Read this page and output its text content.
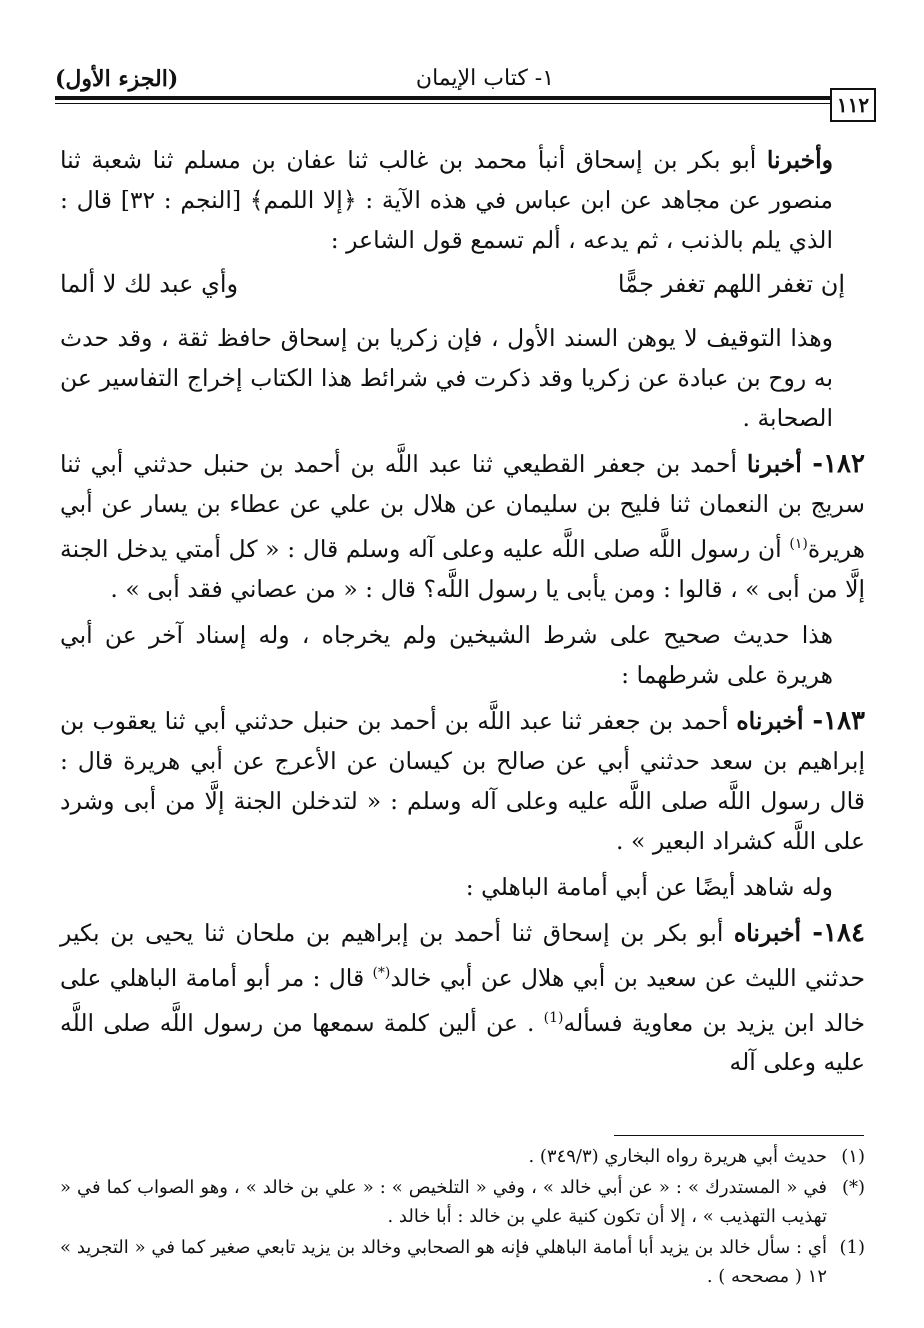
١- كتاب الإيمان
(الجزء الأول)
١١٢

وأخبرنا أبو بكر بن إسحاق أنبأ محمد بن غالب ثنا عفان بن مسلم ثنا شعبة ثنا منصور عن مجاهد عن ابن عباس في هذه الآية : ﴿إلا اللمم﴾ [النجم : ٣٢] قال : الذي يلم بالذنب ، ثم يدعه ، ألم تسمع قول الشاعر :

إن تغفر اللهم تغفر جمًّا
وأي عبد لك لا ألما

وهذا التوقيف لا يوهن السند الأول ، فإن زكريا بن إسحاق حافظ ثقة ، وقد حدث به روح بن عبادة عن زكريا وقد ذكرت في شرائط هذا الكتاب إخراج التفاسير عن الصحابة .

١٨٢- أخبرنا أحمد بن جعفر القطيعي ثنا عبد اللَّه بن أحمد بن حنبل حدثني أبي ثنا سريج بن النعمان ثنا فليح بن سليمان عن هلال بن علي عن عطاء بن يسار عن أبي هريرة$^{(١)}$ أن رسول اللَّه صلى اللَّه عليه وعلى آله وسلم قال : « كل أمتي يدخل الجنة إلَّا من أبى » ، قالوا : ومن يأبى يا رسول اللَّه؟ قال : « من عصاني فقد أبى » .

هذا حديث صحيح على شرط الشيخين ولم يخرجاه ، وله إسناد آخر عن أبي هريرة على شرطهما :

١٨٣- أخبرناه أحمد بن جعفر ثنا عبد اللَّه بن أحمد بن حنبل حدثني أبي ثنا يعقوب بن إبراهيم بن سعد حدثني أبي عن صالح بن كيسان عن الأعرج عن أبي هريرة قال : قال رسول اللَّه صلى اللَّه عليه وعلى آله وسلم : « لتدخلن الجنة إلَّا من أبى وشرد على اللَّه كشراد البعير » .

وله شاهد أيضًا عن أبي أمامة الباهلي :

١٨٤- أخبرناه أبو بكر بن إسحاق ثنا أحمد بن إبراهيم بن ملحان ثنا يحيى بن بكير حدثني الليث عن سعيد بن أبي هلال عن أبي خالد(*) قال : مر أبو أمامة الباهلي على خالد ابن يزيد بن معاوية فسأله$^{(1)}$ . عن ألين كلمة سمعها من رسول اللَّه صلى اللَّه عليه وعلى آله

(١)
حديث أبي هريرة رواه البخاري (٣٤٩/٣) .
(*)
في « المستدرك » : « عن أبي خالد » ، وفي « التلخيص » : « علي بن خالد » ، وهو الصواب كما في « تهذيب التهذيب » ، إلا أن تكون كنية علي بن خالد : أبا خالد .
(1)
أي : سأل خالد بن يزيد أبا أمامة الباهلي فإنه هو الصحابي وخالد بن يزيد تابعي صغير كما في « التجريد » ١٢ ( مصححه ) .
